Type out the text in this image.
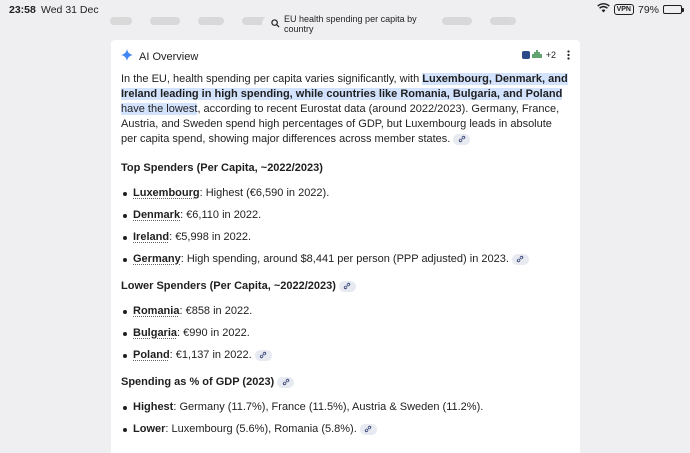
23:58 Wed 31 Dec	VPN 79%
EU health spending per capita by country
AI Overview	+2

In the EU, health spending per capita varies significantly, with Luxembourg, Denmark, and Ireland leading in high spending, while countries like Romania, Bulgaria, and Poland have the lowest, according to recent Eurostat data (around 2022/2023). Germany, France, Austria, and Sweden spend high percentages of GDP, but Luxembourg leads in absolute per capita spend, showing major differences across member states.

Top Spenders (Per Capita, ~2022/2023)
Luxembourg: Highest (€6,590 in 2022).
Denmark: €6,110 in 2022.
Ireland: €5,998 in 2022.
Germany: High spending, around $8,441 per person (PPP adjusted) in 2023.
Lower Spenders (Per Capita, ~2022/2023)
Romania: €858 in 2022.
Bulgaria: €990 in 2022.
Poland: €1,137 in 2022.
Spending as % of GDP (2023)
Highest: Germany (11.7%), France (11.5%), Austria & Sweden (11.2%).
Lower: Luxembourg (5.6%), Romania (5.8%).
